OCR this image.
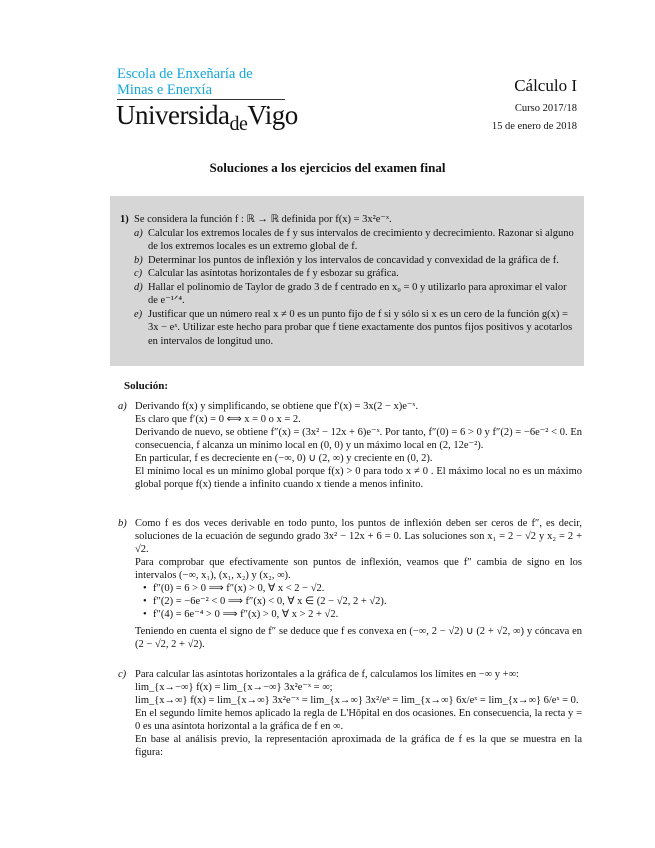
Escola de Enxeñaría de
Minas e Enerxía
Universida$_{de}$Vigo
Cálculo I
Curso 2017/18
15 de enero de 2018
Soluciones a los ejercicios del examen final
1) Se considera la función f : ℝ → ℝ definida por f(x) = 3x²e⁻ˣ.
a) Calcular los extremos locales de f y sus intervalos de crecimiento y decrecimiento. Razonar si alguno de los extremos locales es un extremo global de f.
b) Determinar los puntos de inflexión y los intervalos de concavidad y convexidad de la gráfica de f.
c) Calcular las asíntotas horizontales de f y esbozar su gráfica.
d) Hallar el polinomio de Taylor de grado 3 de f centrado en x₀ = 0 y utilizarlo para aproximar el valor de e⁻¹ᐟ⁴.
e) Justificar que un número real x ≠ 0 es un punto fijo de f si y sólo si x es un cero de la función g(x) = 3x − eˣ. Utilizar este hecho para probar que f tiene exactamente dos puntos fijos positivos y acotarlos en intervalos de longitud uno.
Solución:
a) Derivando f(x) y simplificando, se obtiene que f′(x) = 3x(2 − x)e⁻ˣ.

Es claro que f′(x) = 0 ⟺ x = 0 o x = 2.

Derivando de nuevo, se obtiene f″(x) = (3x² − 12x + 6)e⁻ˣ. Por tanto, f″(0) = 6 > 0 y f″(2) = −6e⁻² < 0. En consecuencia, f alcanza un mínimo local en (0, 0) y un máximo local en (2, 12e⁻²).

En particular, f es decreciente en (−∞, 0) ∪ (2, ∞) y creciente en (0, 2).

El mínimo local es un mínimo global porque f(x) > 0 para todo x ≠ 0 . El máximo local no es un máximo global porque f(x) tiende a infinito cuando x tiende a menos infinito.

b) Como f es dos veces derivable en todo punto, los puntos de inflexión deben ser ceros de f″, es decir, soluciones de la ecuación de segundo grado 3x² − 12x + 6 = 0. Las soluciones son x₁ = 2 − √2 y x₂ = 2 + √2.

Para comprobar que efectivamente son puntos de inflexión, veamos que f″ cambia de signo en los intervalos (−∞, x₁), (x₁, x₂) y (x₂, ∞).

• f″(0) = 6 > 0 ⟹ f″(x) > 0, ∀ x < 2 − √2.
• f″(2) = −6e⁻² < 0 ⟹ f″(x) < 0, ∀ x ∈ (2 − √2, 2 + √2).
• f″(4) = 6e⁻⁴ > 0 ⟹ f″(x) > 0, ∀ x > 2 + √2.

Teniendo en cuenta el signo de f″ se deduce que f es convexa en (−∞, 2 − √2) ∪ (2 + √2, ∞) y cóncava en (2 − √2, 2 + √2).

c) Para calcular las asíntotas horizontales a la gráfica de f, calculamos los límites en −∞ y +∞:

lim_{x→−∞} f(x) = lim_{x→−∞} 3x²e⁻ˣ = ∞;

lim_{x→∞} f(x) = lim_{x→∞} 3x²e⁻ˣ = lim_{x→∞} 3x²/eˣ = lim_{x→∞} 6x/eˣ = lim_{x→∞} 6/eˣ = 0.

En el segundo límite hemos aplicado la regla de L'Hôpital en dos ocasiones. En consecuencia, la recta y = 0 es una asíntota horizontal a la gráfica de f en ∞.

En base al análisis previo, la representación aproximada de la gráfica de f es la que se muestra en la figura:
